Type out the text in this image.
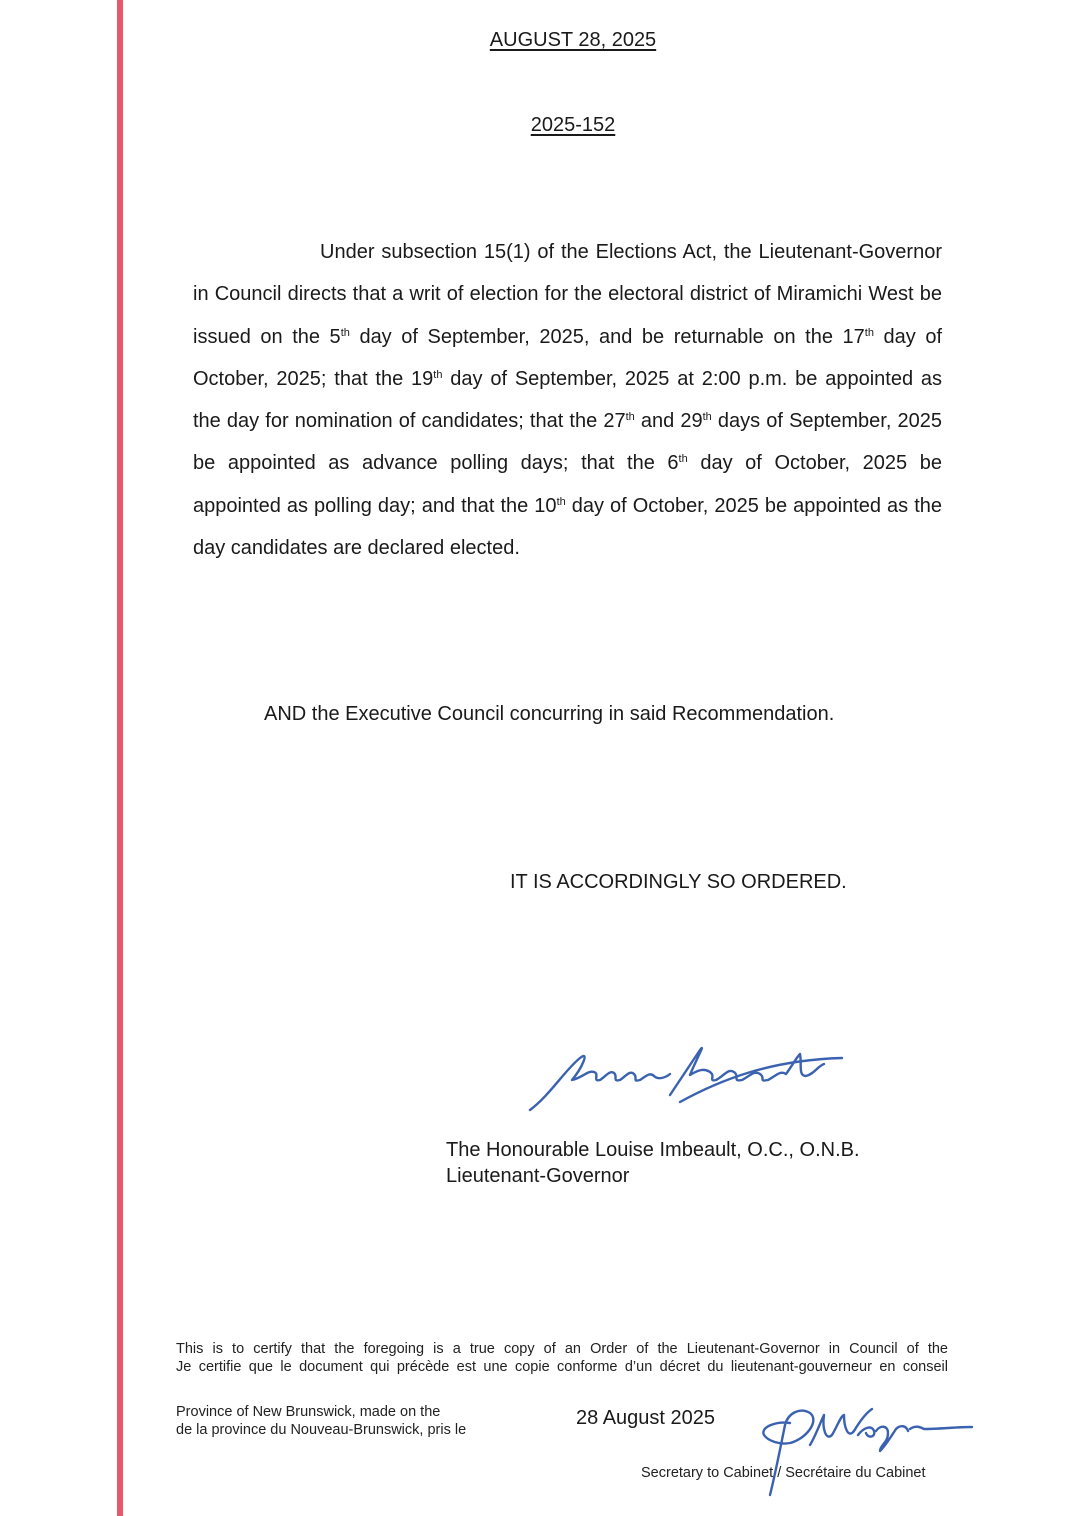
AUGUST 28, 2025
2025-152

Under subsection 15(1) of the Elections Act, the Lieutenant-Governor in Council directs that a writ of election for the electoral district of Miramichi West be issued on the 5th day of September, 2025, and be returnable on the 17th day of October, 2025; that the 19th day of September, 2025 at 2:00 p.m. be appointed as the day for nomination of candidates; that the 27th and 29th days of September, 2025 be appointed as advance polling days; that the 6th day of October, 2025 be appointed as polling day; and that the 10th day of October, 2025 be appointed as the day candidates are declared elected.

AND the Executive Council concurring in said Recommendation.

IT IS ACCORDINGLY SO ORDERED.

The Honourable Louise Imbeault, O.C., O.N.B.
Lieutenant-Governor
This is to certify that the foregoing is a true copy of an Order of the Lieutenant-Governor in Council of the
Je certifie que le document qui précède est une copie conforme d’un décret du lieutenant-gouverneur en conseil
Province of New Brunswick, made on the
de la province du Nouveau-Brunswick, pris le
28 August 2025
Secretary to Cabinet / Secrétaire du Cabinet
